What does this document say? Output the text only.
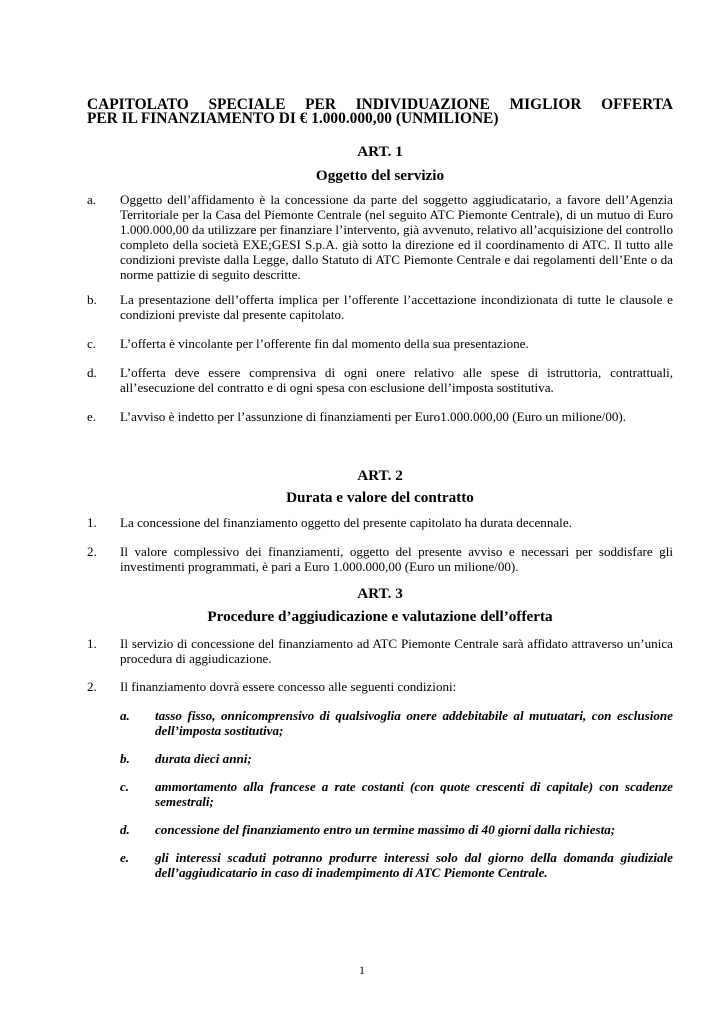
CAPITOLATO SPECIALE PER INDIVIDUAZIONE MIGLIOR OFFERTA

PER IL FINANZIAMENTO DI € 1.000.000,00 (UNMILIONE)
ART. 1
Oggetto del servizio
a.	Oggetto dell’affidamento è la concessione da parte del soggetto aggiudicatario, a favore dell’Agenzia Territoriale per la Casa del Piemonte Centrale (nel seguito ATC Piemonte Centrale), di un mutuo di Euro 1.000.000,00 da utilizzare per finanziare l’intervento, già avvenuto, relativo all’acquisizione del controllo completo della società EXE;GESI S.p.A. già sotto la direzione ed il coordinamento di ATC. Il tutto alle condizioni previste dalla Legge, dallo Statuto di ATC Piemonte Centrale e dai regolamenti dell’Ente o da norme pattizie di seguito descritte.
b.	La presentazione dell’offerta implica per l’offerente l’accettazione incondizionata di tutte le clausole e condizioni previste dal presente capitolato.
c.	L’offerta è vincolante per l’offerente fin dal momento della sua presentazione.
d.	L’offerta deve essere comprensiva di ogni onere relativo alle spese di istruttoria, contrattuali, all’esecuzione del contratto e di ogni spesa con esclusione dell’imposta sostitutiva.
e.	L’avviso è indetto per l’assunzione di finanziamenti per Euro1.000.000,00 (Euro un milione/00).
ART. 2
Durata e valore del contratto
1.	La concessione del finanziamento oggetto del presente capitolato ha durata decennale.
2.	Il valore complessivo dei finanziamenti, oggetto del presente avviso e necessari per soddisfare gli investimenti programmati, è pari a Euro 1.000.000,00 (Euro un milione/00).
ART. 3
Procedure d’aggiudicazione e valutazione dell’offerta
1.	Il servizio di concessione del finanziamento ad ATC Piemonte Centrale sarà affidato attraverso un’unica procedura di aggiudicazione.
2.	Il finanziamento dovrà essere concesso alle seguenti condizioni:
a.	tasso fisso, onnicomprensivo di qualsivoglia onere addebitabile al mutuatari, con esclusione dell’imposta sostitutiva;
b.	durata dieci anni;
c.	ammortamento alla francese a rate costanti (con quote crescenti di capitale) con scadenze semestrali;
d.	concessione del finanziamento entro un termine massimo di 40 giorni dalla richiesta;
e.	gli interessi scaduti potranno produrre interessi solo dal giorno della domanda giudiziale dell’aggiudicatario in caso di inadempimento di ATC Piemonte Centrale.
1
